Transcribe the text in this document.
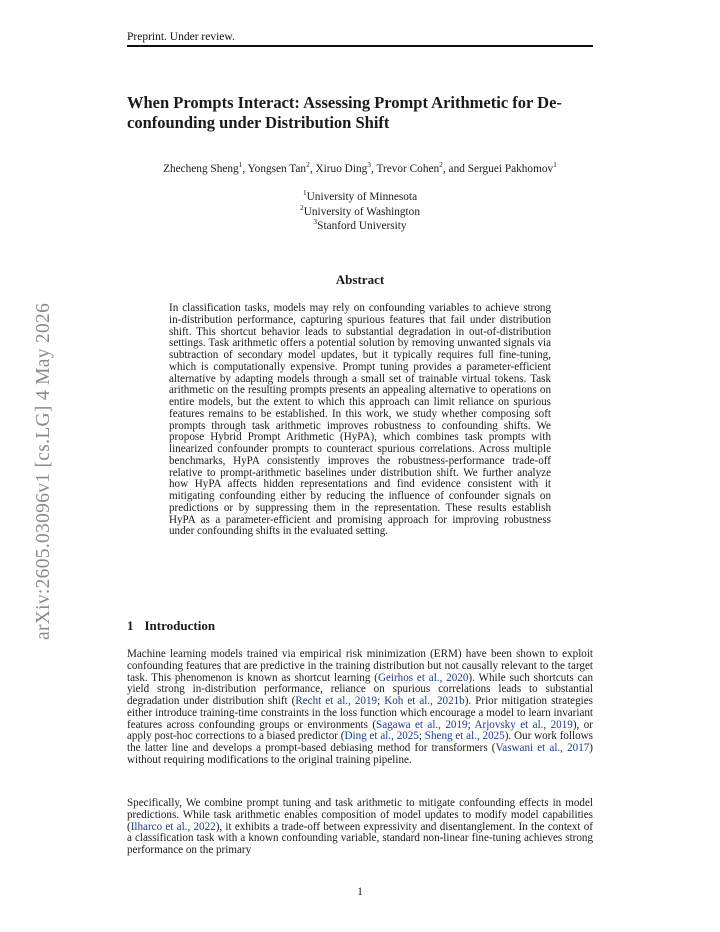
Preprint. Under review.
arXiv:2605.03096v1 [cs.LG] 4 May 2026
When Prompts Interact: Assessing Prompt Arithmetic for De-confounding under Distribution Shift
Zhecheng Sheng$^1$, Yongsen Tan$^2$, Xiruo Ding$^3$, Trevor Cohen$^2$, and Serguei Pakhomov$^1$
$^1$University of Minnesota
$^2$University of Washington
$^3$Stanford University
Abstract

In classification tasks, models may rely on confounding variables to achieve strong in-distribution performance, capturing spurious features that fail under distribution shift. This shortcut behavior leads to substantial degradation in out-of-distribution settings. Task arithmetic offers a potential solution by removing unwanted signals via subtraction of secondary model updates, but it typically requires full fine-tuning, which is computationally expensive. Prompt tuning provides a parameter-efficient alternative by adapting models through a small set of trainable virtual tokens. Task arithmetic on the resulting prompts presents an appealing alternative to operations on entire models, but the extent to which this approach can limit reliance on spurious features remains to be established. In this work, we study whether composing soft prompts through task arithmetic improves robustness to confounding shifts. We propose Hybrid Prompt Arithmetic (HyPA), which combines task prompts with linearized confounder prompts to counteract spurious correlations. Across multiple benchmarks, HyPA consistently improves the robustness-performance trade-off relative to prompt-arithmetic baselines under distribution shift. We further analyze how HyPA affects hidden representations and find evidence consistent with it mitigating confounding either by reducing the influence of confounder signals on predictions or by suppressing them in the representation. These results establish HyPA as a parameter-efficient and promising approach for improving robustness under confounding shifts in the evaluated setting.

1 Introduction

Machine learning models trained via empirical risk minimization (ERM) have been shown to exploit confounding features that are predictive in the training distribution but not causally relevant to the target task. This phenomenon is known as shortcut learning (Geirhos et al., 2020). While such shortcuts can yield strong in-distribution performance, reliance on spurious correlations leads to substantial degradation under distribution shift (Recht et al., 2019; Koh et al., 2021b). Prior mitigation strategies either introduce training-time constraints in the loss function which encourage a model to learn invariant features across confounding groups or environments (Sagawa et al., 2019; Arjovsky et al., 2019), or apply post-hoc corrections to a biased predictor (Ding et al., 2025; Sheng et al., 2025). Our work follows the latter line and develops a prompt-based debiasing method for transformers (Vaswani et al., 2017) without requiring modifications to the original training pipeline.

Specifically, We combine prompt tuning and task arithmetic to mitigate confounding effects in model predictions. While task arithmetic enables composition of model updates to modify model capabilities (Ilharco et al., 2022), it exhibits a trade-off between expressivity and disentanglement. In the context of a classification task with a known confounding variable, standard non-linear fine-tuning achieves strong performance on the primary

1
